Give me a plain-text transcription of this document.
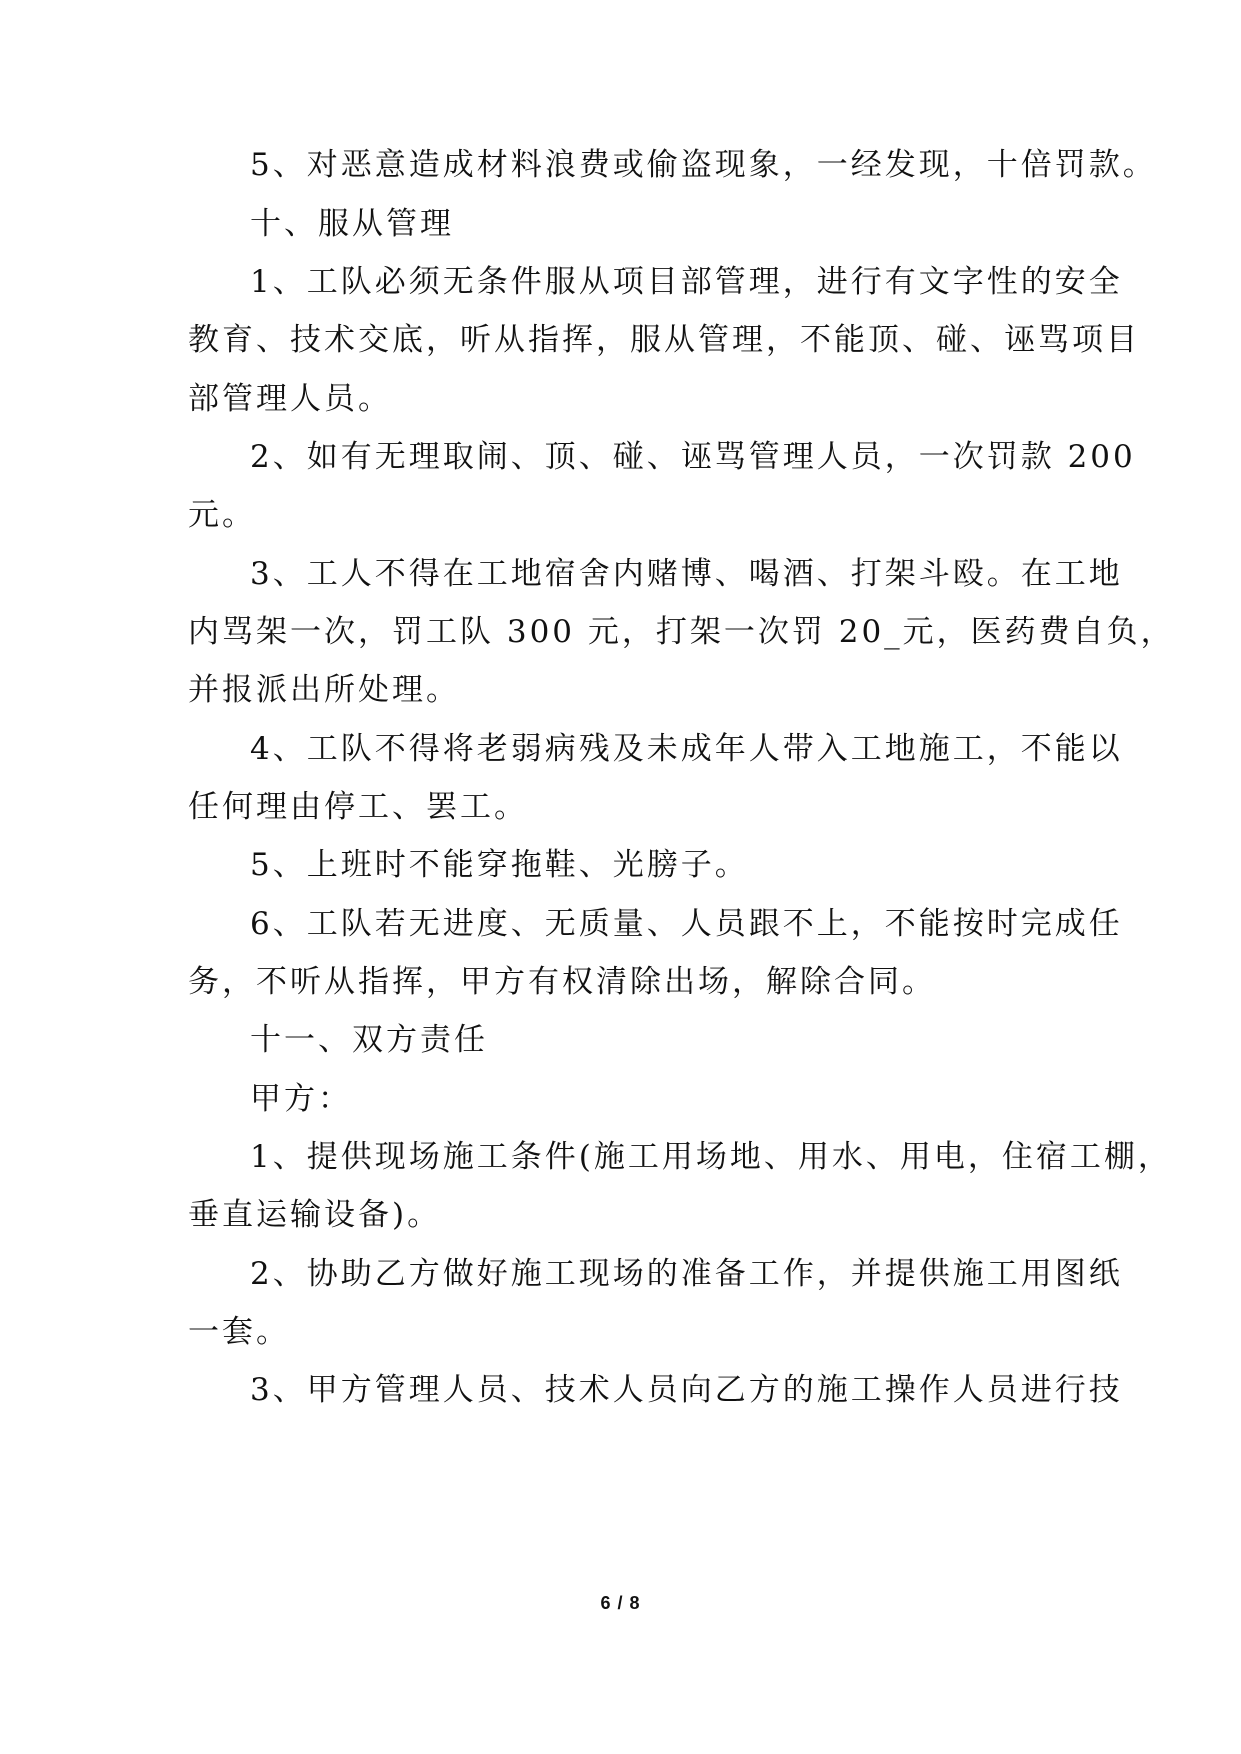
5、对恶意造成材料浪费或偷盗现象，一经发现，十倍罚款。
十、服从管理
1、工队必须无条件服从项目部管理，进行有文字性的安全
教育、技术交底，听从指挥，服从管理，不能顶、碰、诬骂项目
部管理人员。
2、如有无理取闹、顶、碰、诬骂管理人员，一次罚款 200
元。
3、工人不得在工地宿舍内赌博、喝酒、打架斗殴。在工地
内骂架一次，罚工队 300 元，打架一次罚 20_元，医药费自负，
并报派出所处理。
4、工队不得将老弱病残及未成年人带入工地施工，不能以
任何理由停工、罢工。
5、上班时不能穿拖鞋、光膀子。
6、工队若无进度、无质量、人员跟不上，不能按时完成任
务，不听从指挥，甲方有权清除出场，解除合同。
十一、双方责任
甲方：
1、提供现场施工条件(施工用场地、用水、用电，住宿工棚，
垂直运输设备)。
2、协助乙方做好施工现场的准备工作，并提供施工用图纸
一套。
3、甲方管理人员、技术人员向乙方的施工操作人员进行技
6 / 8
